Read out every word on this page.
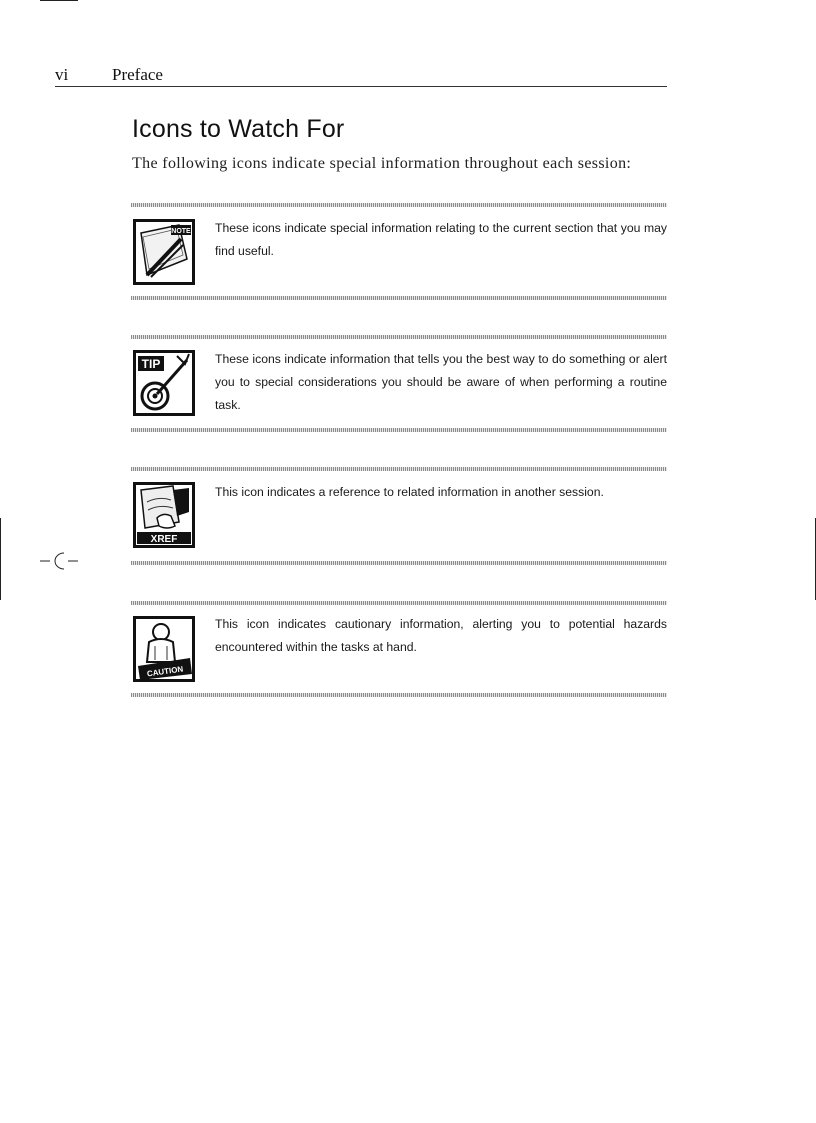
vi	Preface
Icons to Watch For
The following icons indicate special information throughout each session:
NOTE These icons indicate special information relating to the current section that you may find useful.
TIP	These icons indicate information that tells you the best way to do something or alert you to special considerations you should be aware of when performing a routine task.
XREF
This icon indicates a reference to related information in another session.
CAUTION
This icon indicates cautionary information, alerting you to potential hazards encountered within the tasks at hand.
